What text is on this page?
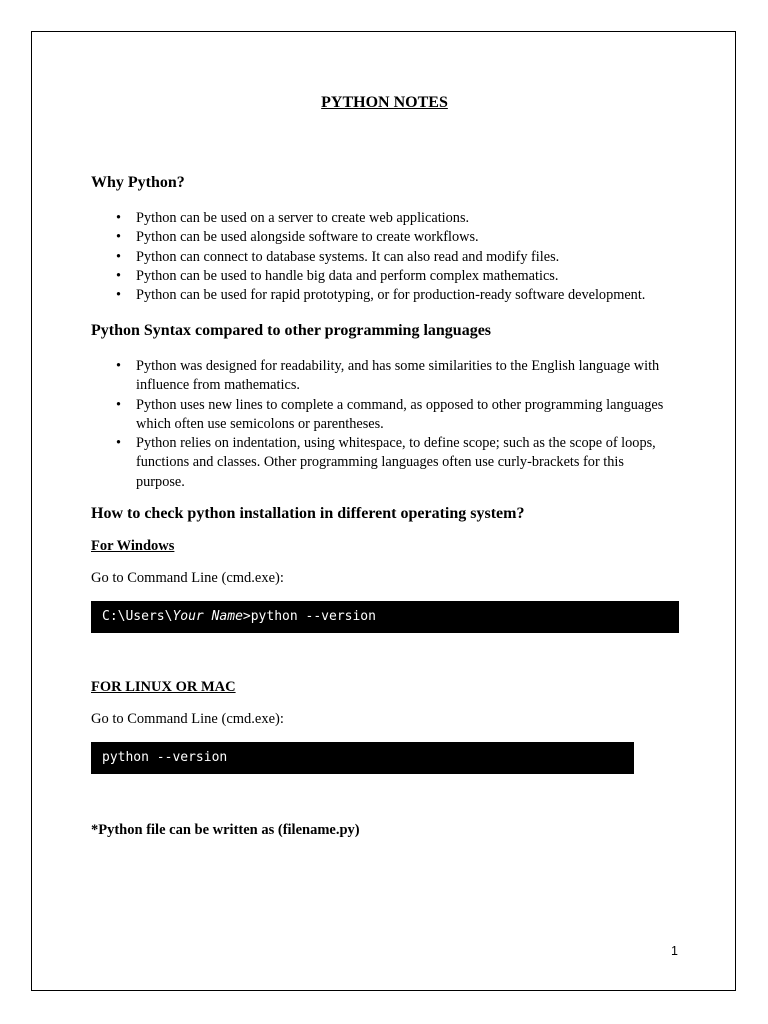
PYTHON NOTES
Why Python?
• Python can be used on a server to create web applications.
• Python can be used alongside software to create workflows.
• Python can connect to database systems. It can also read and modify files.
• Python can be used to handle big data and perform complex mathematics.
• Python can be used for rapid prototyping, or for production-ready software development.
Python Syntax compared to other programming languages
• Python was designed for readability, and has some similarities to the English language with influence from mathematics.
• Python uses new lines to complete a command, as opposed to other programming languages which often use semicolons or parentheses.
• Python relies on indentation, using whitespace, to define scope; such as the scope of loops, functions and classes. Other programming languages often use curly-brackets for this purpose.
How to check python installation in different operating system?
For Windows
Go to Command Line (cmd.exe):
C:\Users\Your Name>python --version
FOR LINUX OR MAC
Go to Command Line (cmd.exe):
python --version
*Python file can be written as (filename.py)
1
